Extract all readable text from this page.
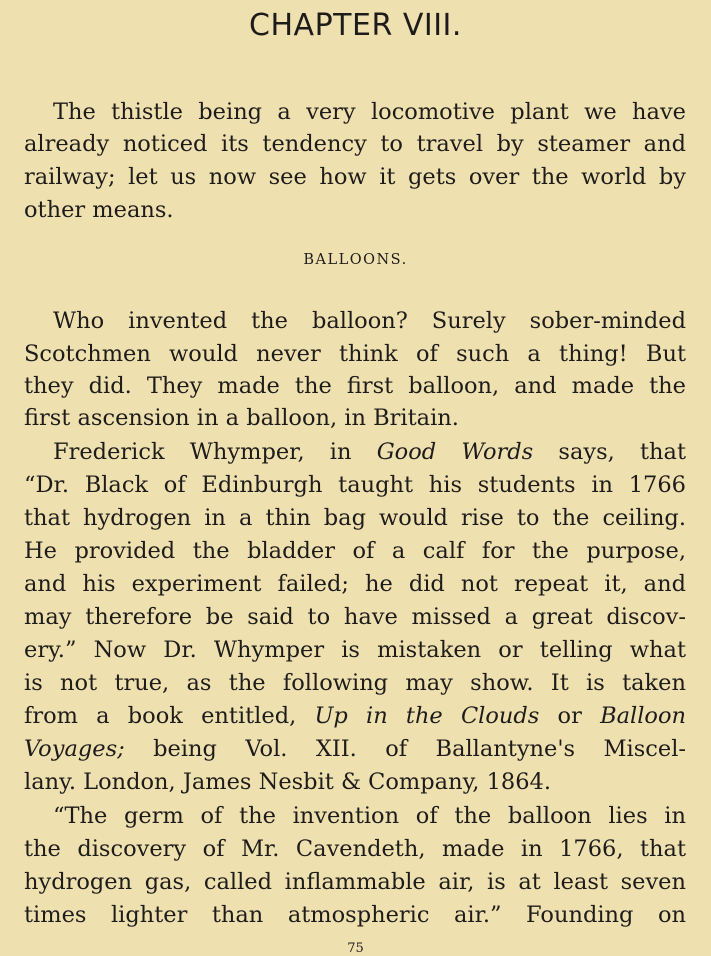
CHAPTER VIII.
BALLOONS.
The thistle being a very locomotive plant we have
already noticed its tendency to travel by steamer and
railway; let us now see how it gets over the world by
other means.
Who invented the balloon? Surely sober-minded
Scotchmen would never think of such a thing! But
they did. They made the first balloon, and made the
first ascension in a balloon, in Britain.
Frederick Whymper, in Good Words says, that
“Dr. Black of Edinburgh taught his students in 1766
that hydrogen in a thin bag would rise to the ceiling.
He provided the bladder of a calf for the purpose,
and his experiment failed; he did not repeat it, and
may therefore be said to have missed a great discov-
ery.” Now Dr. Whymper is mistaken or telling what
is not true, as the following may show. It is taken
from a book entitled, Up in the Clouds or Balloon
Voyages; being Vol. XII. of Ballantyne's Miscel-
lany. London, James Nesbit & Company, 1864.
“The germ of the invention of the balloon lies in
the discovery of Mr. Cavendeth, made in 1766, that
hydrogen gas, called inflammable air, is at least seven
times lighter than atmospheric air.” Founding on
75
